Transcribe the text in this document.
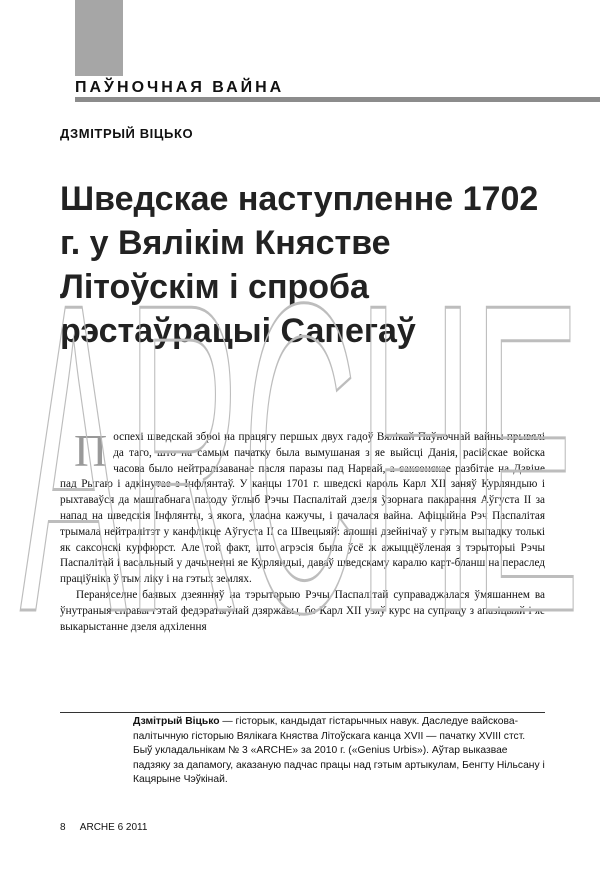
ПАЎНОЧНАЯ ВАЙНА
ДЗМІТРЫЙ ВІЦЬКО
Шведскае наступленне 1702 г. у Вялікім Княстве Літоўскім і спроба рэстаўрацыі Сапегаў
ARCHE

Поспехі шведскай зброі на працягу першых двух гадоў Вялікай Паўночнай вайны прывялі да таго, што на самым пачатку была вымушаная з яе выйсці Данія, расійскае войска часова было нейтралізаванае пасля паразы пад Нарвай, а саксонскае разбітае на Дзвіне пад Рыгаю і адкінутае з Інфлянтаў. У канцы 1701 г. шведскі кароль Карл XII заняў Курляндыю і рыхтаваўся да маштабнага паходу ўглыб Рэчы Паспалітай дзеля ўзорнага пакарання Аўгуста II за напад на шведскія Інфлянты, з якога, уласна кажучы, і пачалася вайна. Афіцыйна Рэч Паспалітая трымала нейтралітэт у канфлікце Аўгуста II са Швецыяй: апошні дзейнічаў у гэтым выпадку толькі як саксонскі курфюрст. Але той факт, што агрэсія была ўсё ж ажыццёўленая з тэрыторыі Рэчы Паспалітай і васальный у дачыненні яе Курляндыі, даваў шведскаму каралю карт-бланш на пераслед праціўніка ў тым ліку і на гэтых землях.

Пераняселне баявых дзеянняў на тэрыторыю Рэчы Паспалітай суправаджалася ўмяшаннем ва ўнутраныя справы гэтай федэратыўнай дзяржавы, бо Карл XII узяў курс на супрацу з апазіцыяй і яе выкарыстанне дзеля адхілення

Дзмітрый Віцько — гісторык, кандыдат гістарычных навук. Даследуе вайскова-палітычную гісторыю Вялікага Княства Літоўскага канца XVII — пачатку XVIII стст. Быў укладальнікам № 3 «ARCHE» за 2010 г. («Genius Urbis»). Аўтар выказвае падзяку за дапамогу, аказаную падчас працы над гэтым артыкулам, Бенгту Нільсану і Кацярыне Чэўкінай.

8 ARCHE 6 2011
